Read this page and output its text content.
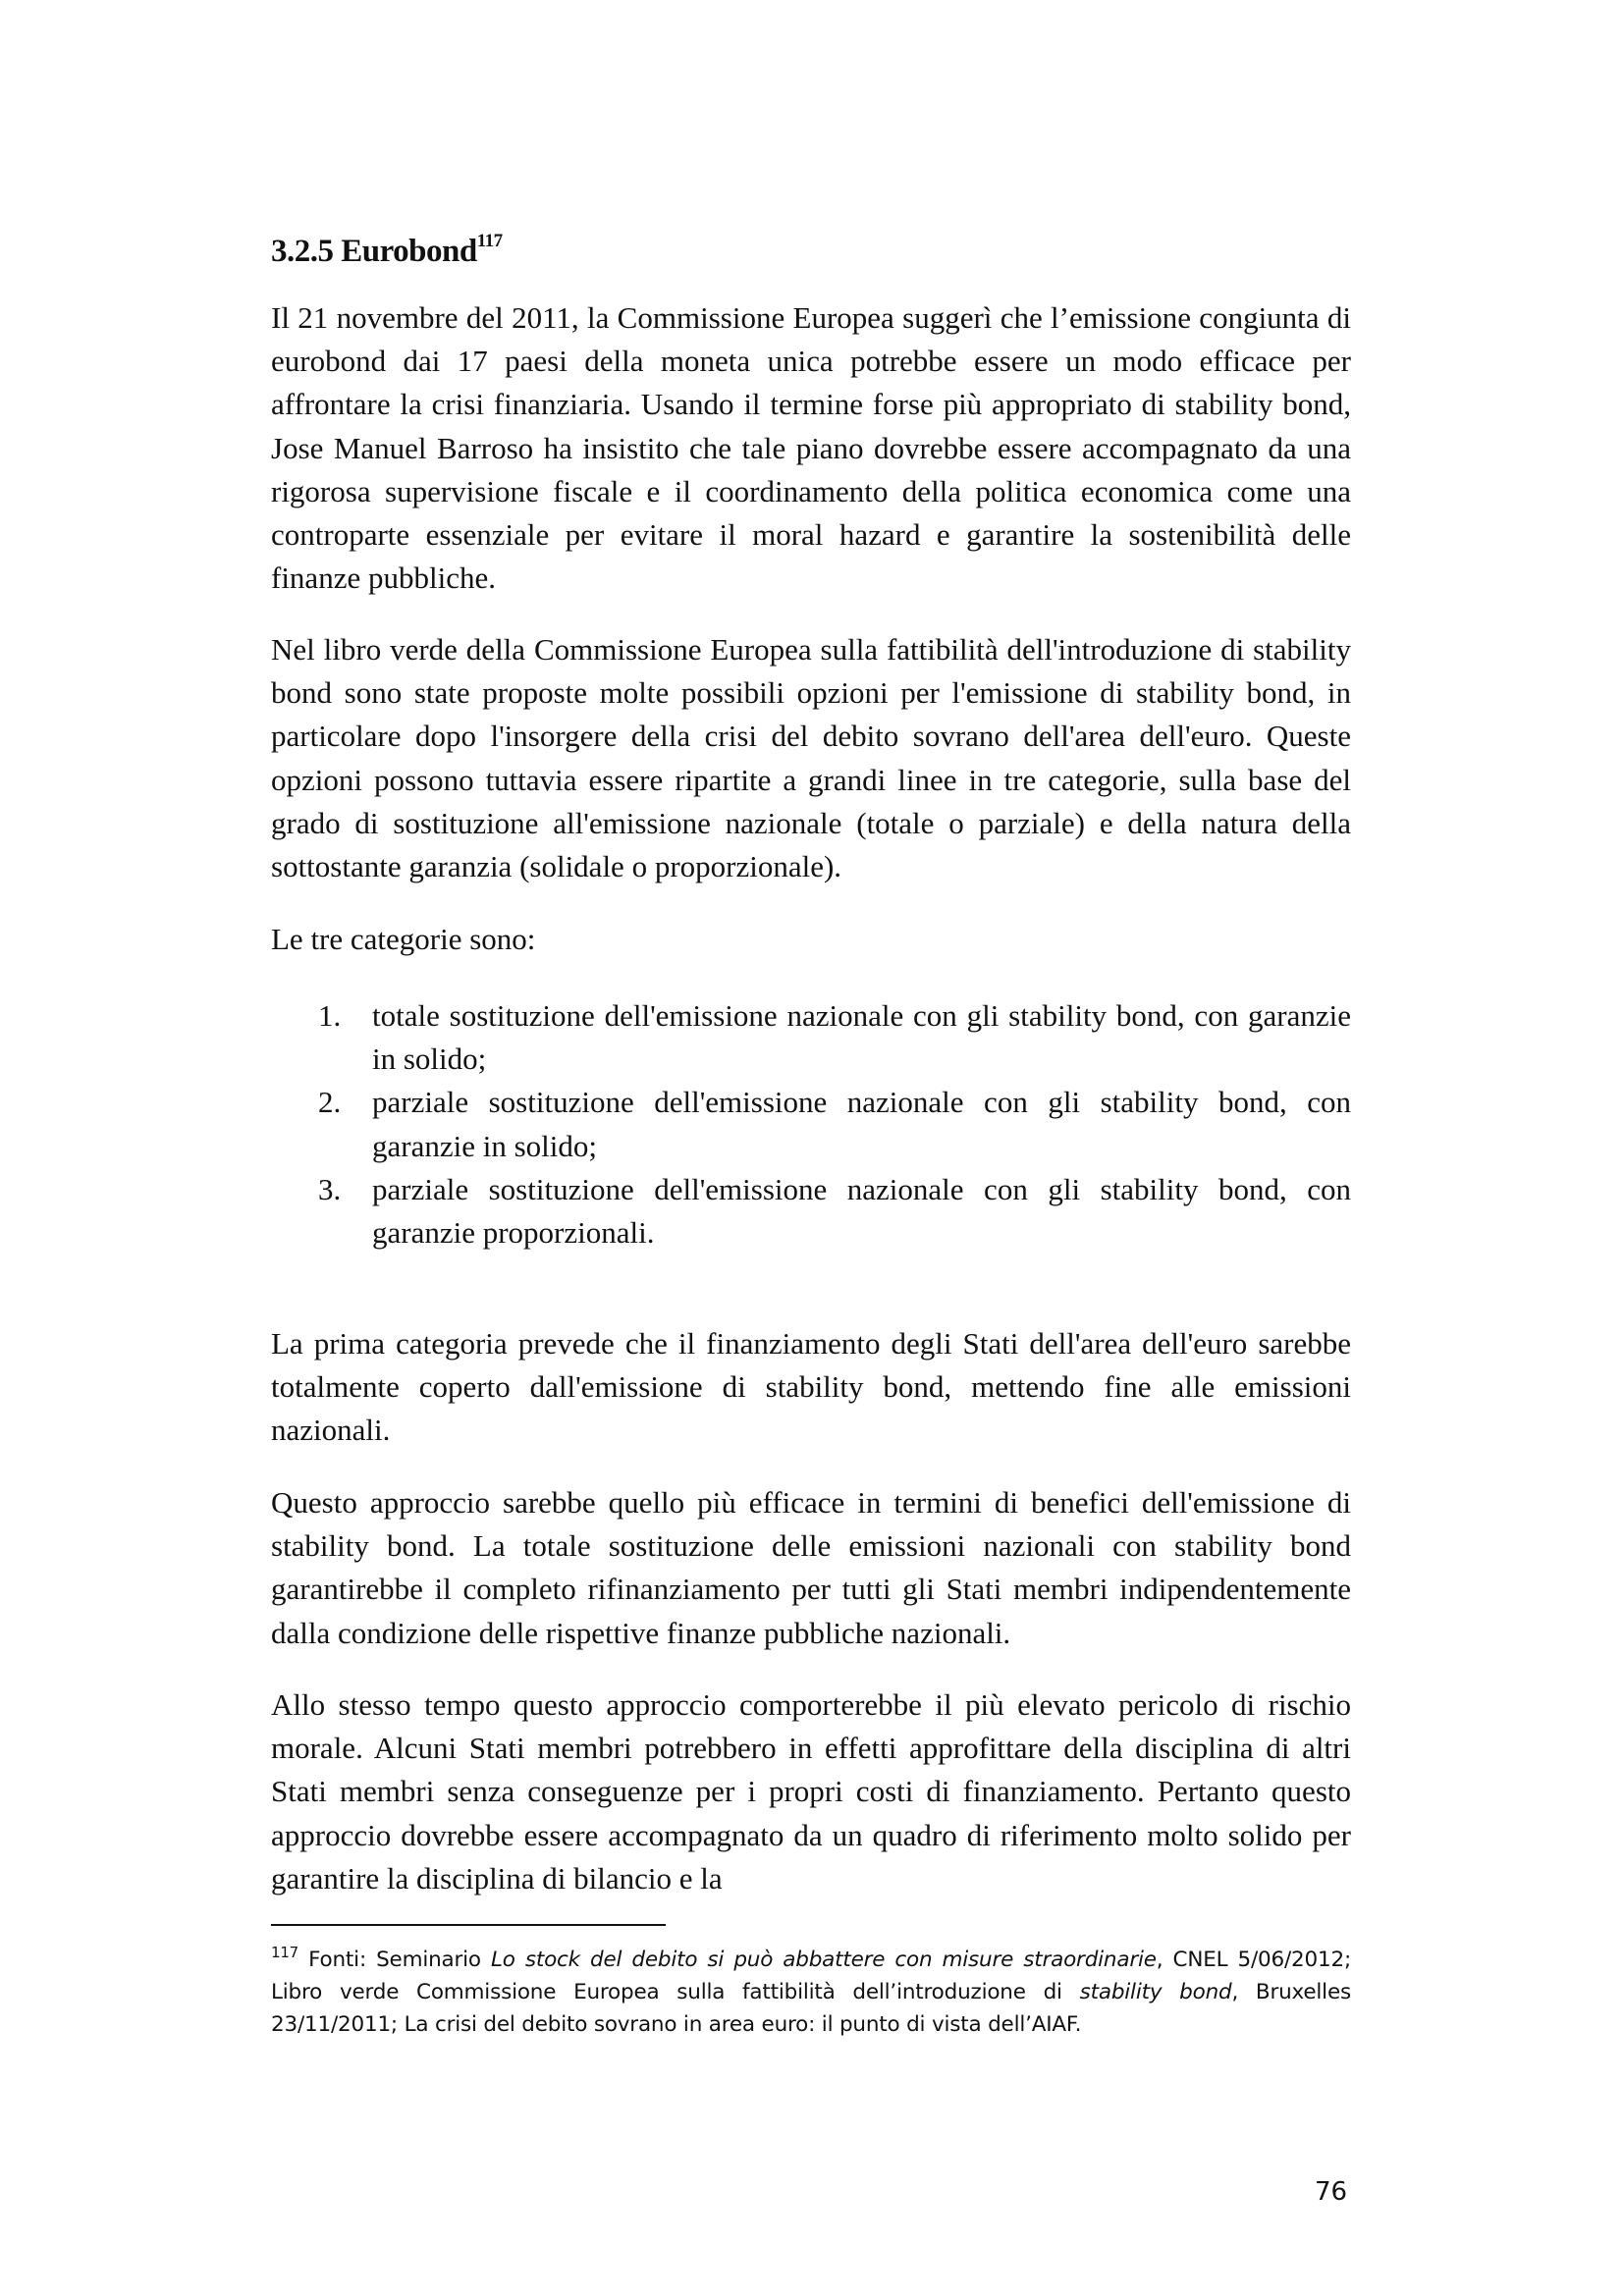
3.2.5 Eurobond$^{117}$

Il 21 novembre del 2011, la Commissione Europea suggerì che l’emissione congiunta di eurobond dai 17 paesi della moneta unica potrebbe essere un modo efficace per affrontare la crisi finanziaria. Usando il termine forse più appropriato di stability bond, Jose Manuel Barroso ha insistito che tale piano dovrebbe essere accompagnato da una rigorosa supervisione fiscale e il coordinamento della politica economica come una controparte essenziale per evitare il moral hazard e garantire la sostenibilità delle finanze pubbliche.

Nel libro verde della Commissione Europea sulla fattibilità dell'introduzione di stability bond sono state proposte molte possibili opzioni per l'emissione di stability bond, in particolare dopo l'insorgere della crisi del debito sovrano dell'area dell'euro. Queste opzioni possono tuttavia essere ripartite a grandi linee in tre categorie, sulla base del grado di sostituzione all'emissione nazionale (totale o parziale) e della natura della sottostante garanzia (solidale o proporzionale).

Le tre categorie sono:

1. totale sostituzione dell'emissione nazionale con gli stability bond, con garanzie in solido;
2. parziale sostituzione dell'emissione nazionale con gli stability bond, con garanzie in solido;
3. parziale sostituzione dell'emissione nazionale con gli stability bond, con garanzie proporzionali.

La prima categoria prevede che il finanziamento degli Stati dell'area dell'euro sarebbe totalmente coperto dall'emissione di stability bond, mettendo fine alle emissioni nazionali.

Questo approccio sarebbe quello più efficace in termini di benefici dell'emissione di stability bond. La totale sostituzione delle emissioni nazionali con stability bond garantirebbe il completo rifinanziamento per tutti gli Stati membri indipendentemente dalla condizione delle rispettive finanze pubbliche nazionali.

Allo stesso tempo questo approccio comporterebbe il più elevato pericolo di rischio morale. Alcuni Stati membri potrebbero in effetti approfittare della disciplina di altri Stati membri senza conseguenze per i propri costi di finanziamento. Pertanto questo approccio dovrebbe essere accompagnato da un quadro di riferimento molto solido per garantire la disciplina di bilancio e la

$^{117}$ Fonti: Seminario Lo stock del debito si può abbattere con misure straordinarie, CNEL 5/06/2012; Libro verde Commissione Europea sulla fattibilità dell’introduzione di stability bond, Bruxelles 23/11/2011; La crisi del debito sovrano in area euro: il punto di vista dell’AIAF.

76
